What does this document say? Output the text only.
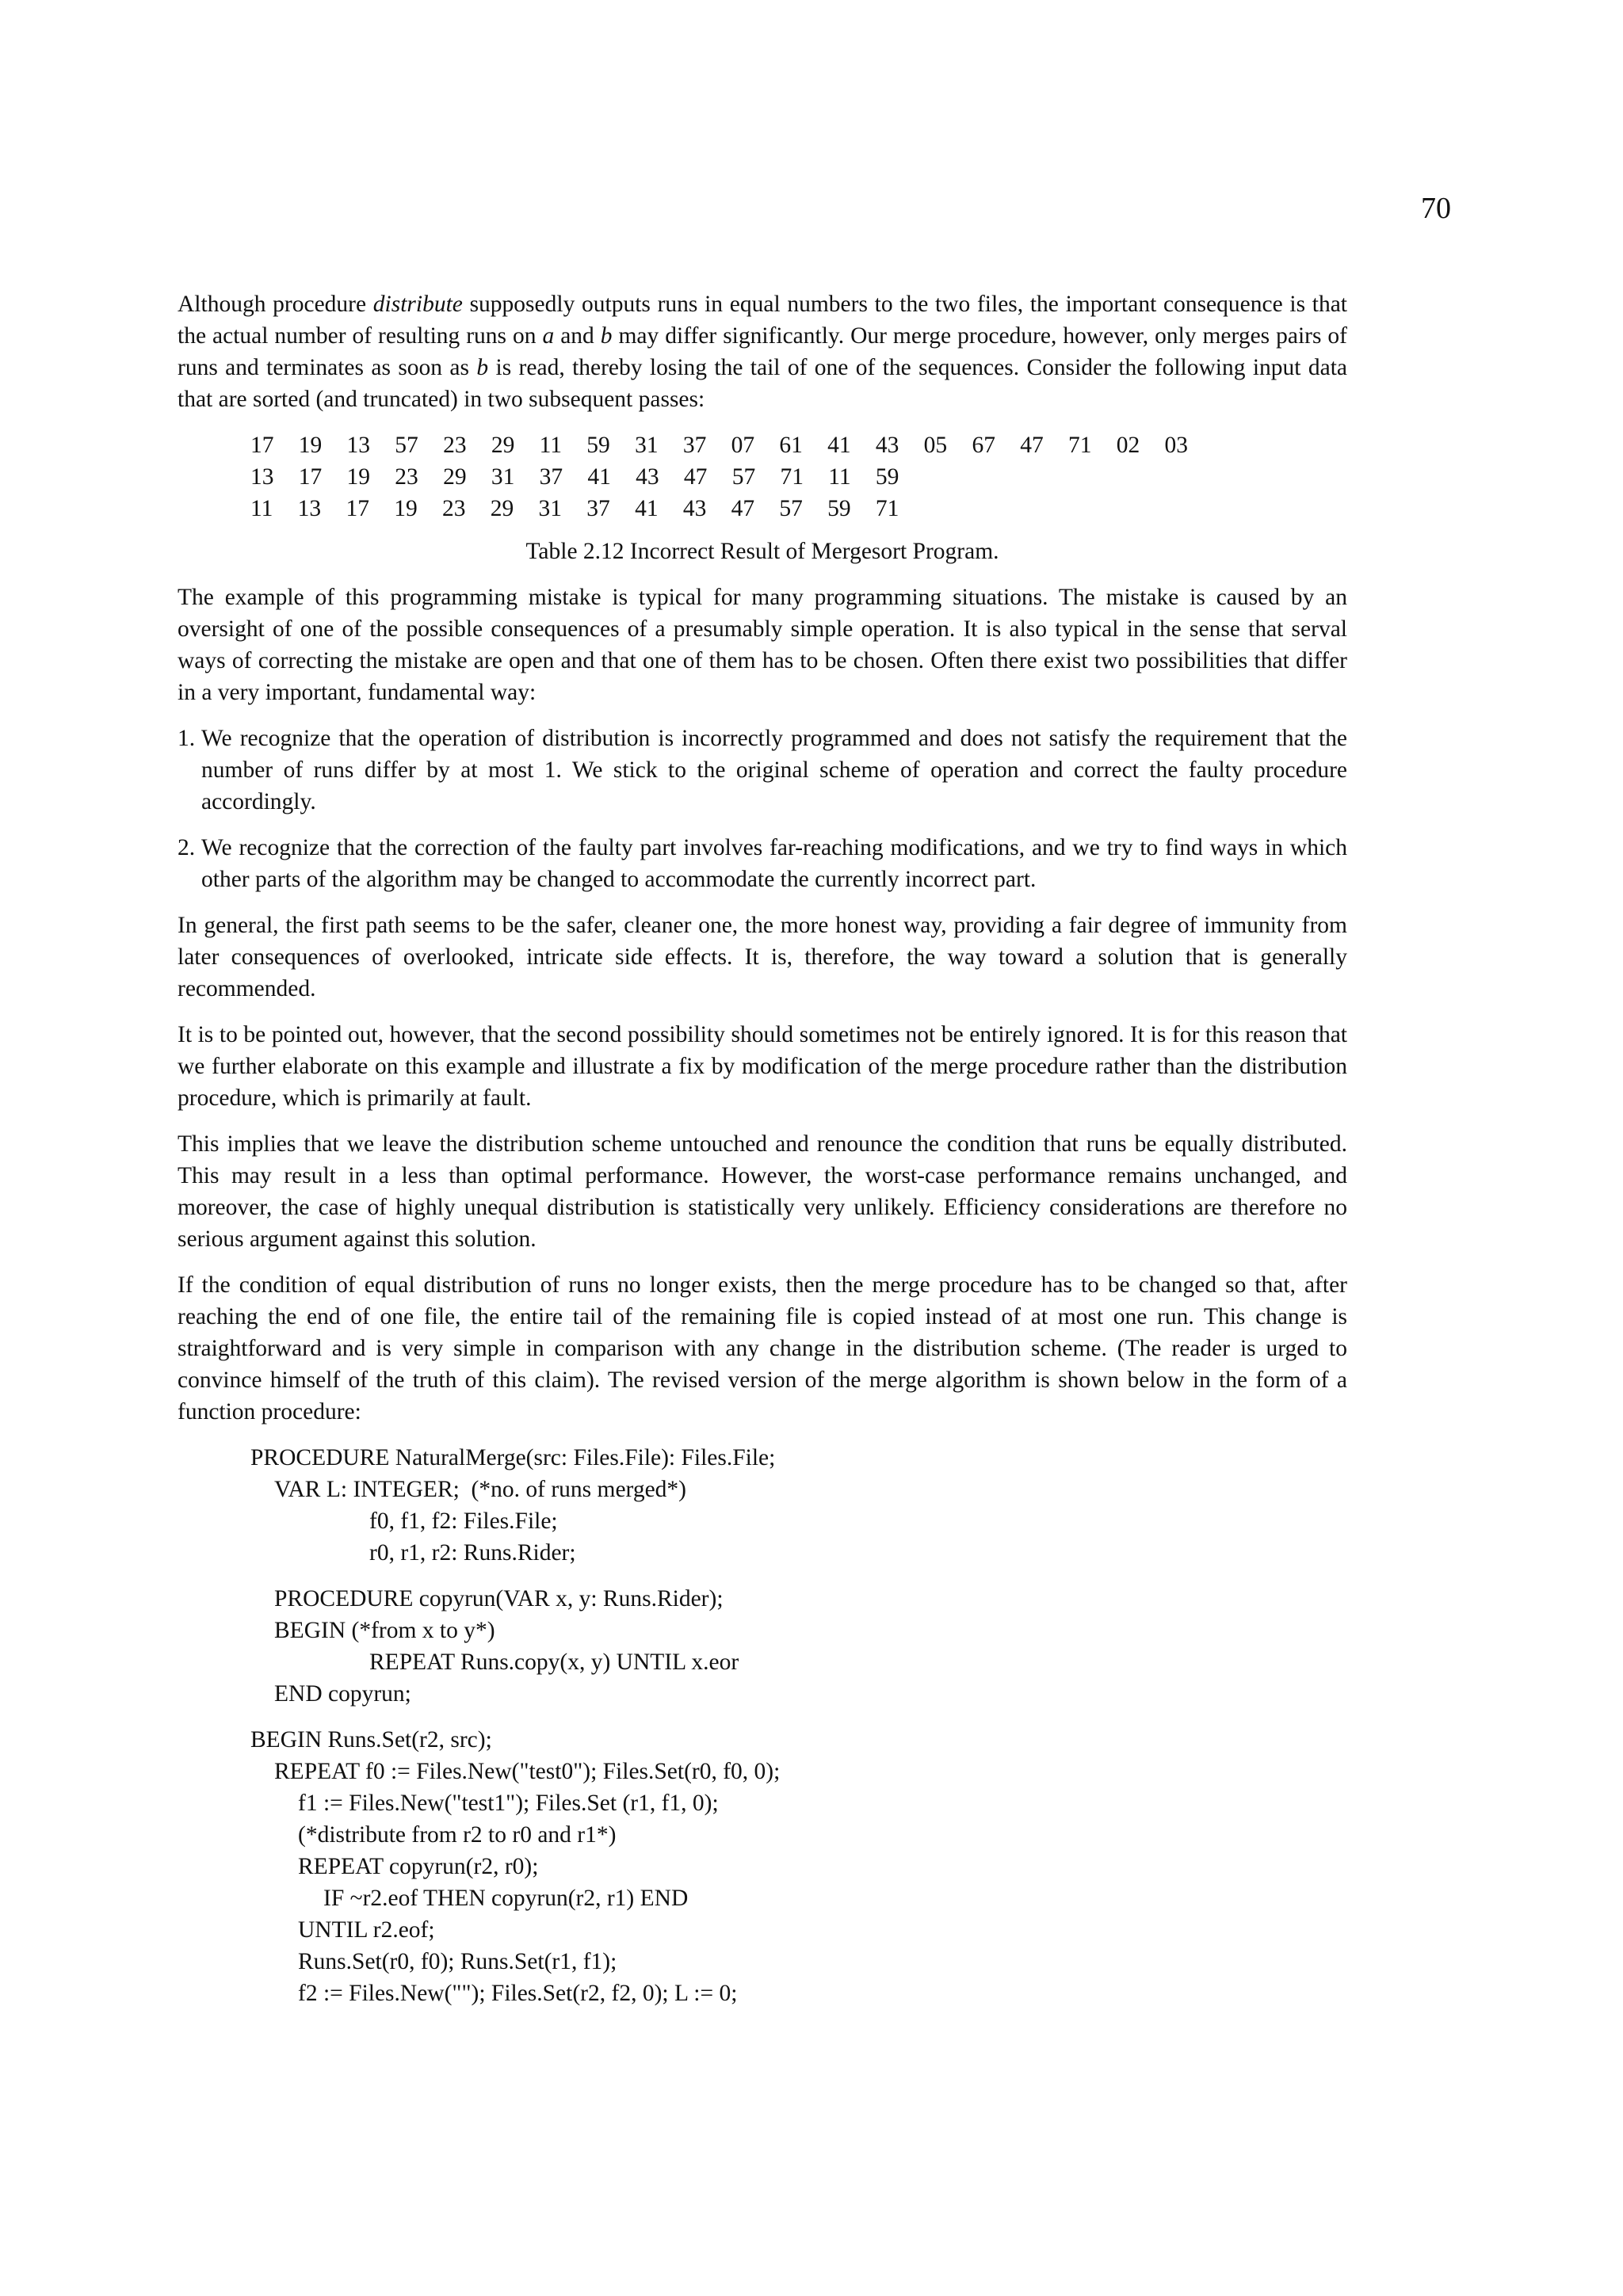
70

Although procedure distribute supposedly outputs runs in equal numbers to the two files, the important consequence is that the actual number of resulting runs on a and b may differ significantly. Our merge procedure, however, only merges pairs of runs and terminates as soon as b is read, thereby losing the tail of one of the sequences. Consider the following input data that are sorted (and truncated) in two subsequent passes:

17  19  13  57  23  29  11  59  31  37  07  61  41  43  05  67  47  71  02  03
13  17  19  23  29  31  37  41  43  47  57  71  11  59
11  13  17  19  23  29  31  37  41  43  47  57  59  71

Table 2.12 Incorrect Result of Mergesort Program.

The example of this programming mistake is typical for many programming situations. The mistake is caused by an oversight of one of the possible consequences of a presumably simple operation. It is also typical in the sense that serval ways of correcting the mistake are open and that one of them has to be chosen. Often there exist two possibilities that differ in a very important, fundamental way:

1. We recognize that the operation of distribution is incorrectly programmed and does not satisfy the requirement that the number of runs differ by at most 1. We stick to the original scheme of operation and correct the faulty procedure accordingly.
2. We recognize that the correction of the faulty part involves far-reaching modifications, and we try to find ways in which other parts of the algorithm may be changed to accommodate the currently incorrect part.

In general, the first path seems to be the safer, cleaner one, the more honest way, providing a fair degree of immunity from later consequences of overlooked, intricate side effects. It is, therefore, the way toward a solution that is generally recommended.

It is to be pointed out, however, that the second possibility should sometimes not be entirely ignored. It is for this reason that we further elaborate on this example and illustrate a fix by modification of the merge procedure rather than the distribution procedure, which is primarily at fault.

This implies that we leave the distribution scheme untouched and renounce the condition that runs be equally distributed. This may result in a less than optimal performance. However, the worst-case performance remains unchanged, and moreover, the case of highly unequal distribution is statistically very unlikely. Efficiency considerations are therefore no serious argument against this solution.

If the condition of equal distribution of runs no longer exists, then the merge procedure has to be changed so that, after reaching the end of one file, the entire tail of the remaining file is copied instead of at most one run. This change is straightforward and is very simple in comparison with any change in the distribution scheme. (The reader is urged to convince himself of the truth of this claim). The revised version of the merge algorithm is shown below in the form of a function procedure:

PROCEDURE NaturalMerge(src: Files.File): Files.File;
VAR L: INTEGER;  (*no. of runs merged*)
f0, f1, f2: Files.File;
r0, r1, r2: Runs.Rider;
PROCEDURE copyrun(VAR x, y: Runs.Rider);
BEGIN (*from x to y*)
REPEAT Runs.copy(x, y) UNTIL x.eor
END copyrun;
BEGIN Runs.Set(r2, src);
REPEAT f0 := Files.New("test0"); Files.Set(r0, f0, 0);
f1 := Files.New("test1"); Files.Set (r1, f1, 0);
(*distribute from r2 to r0 and r1*)
REPEAT copyrun(r2, r0);
IF ~r2.eof THEN copyrun(r2, r1) END
UNTIL r2.eof;
Runs.Set(r0, f0); Runs.Set(r1, f1);
f2 := Files.New(""); Files.Set(r2, f2, 0); L := 0;
